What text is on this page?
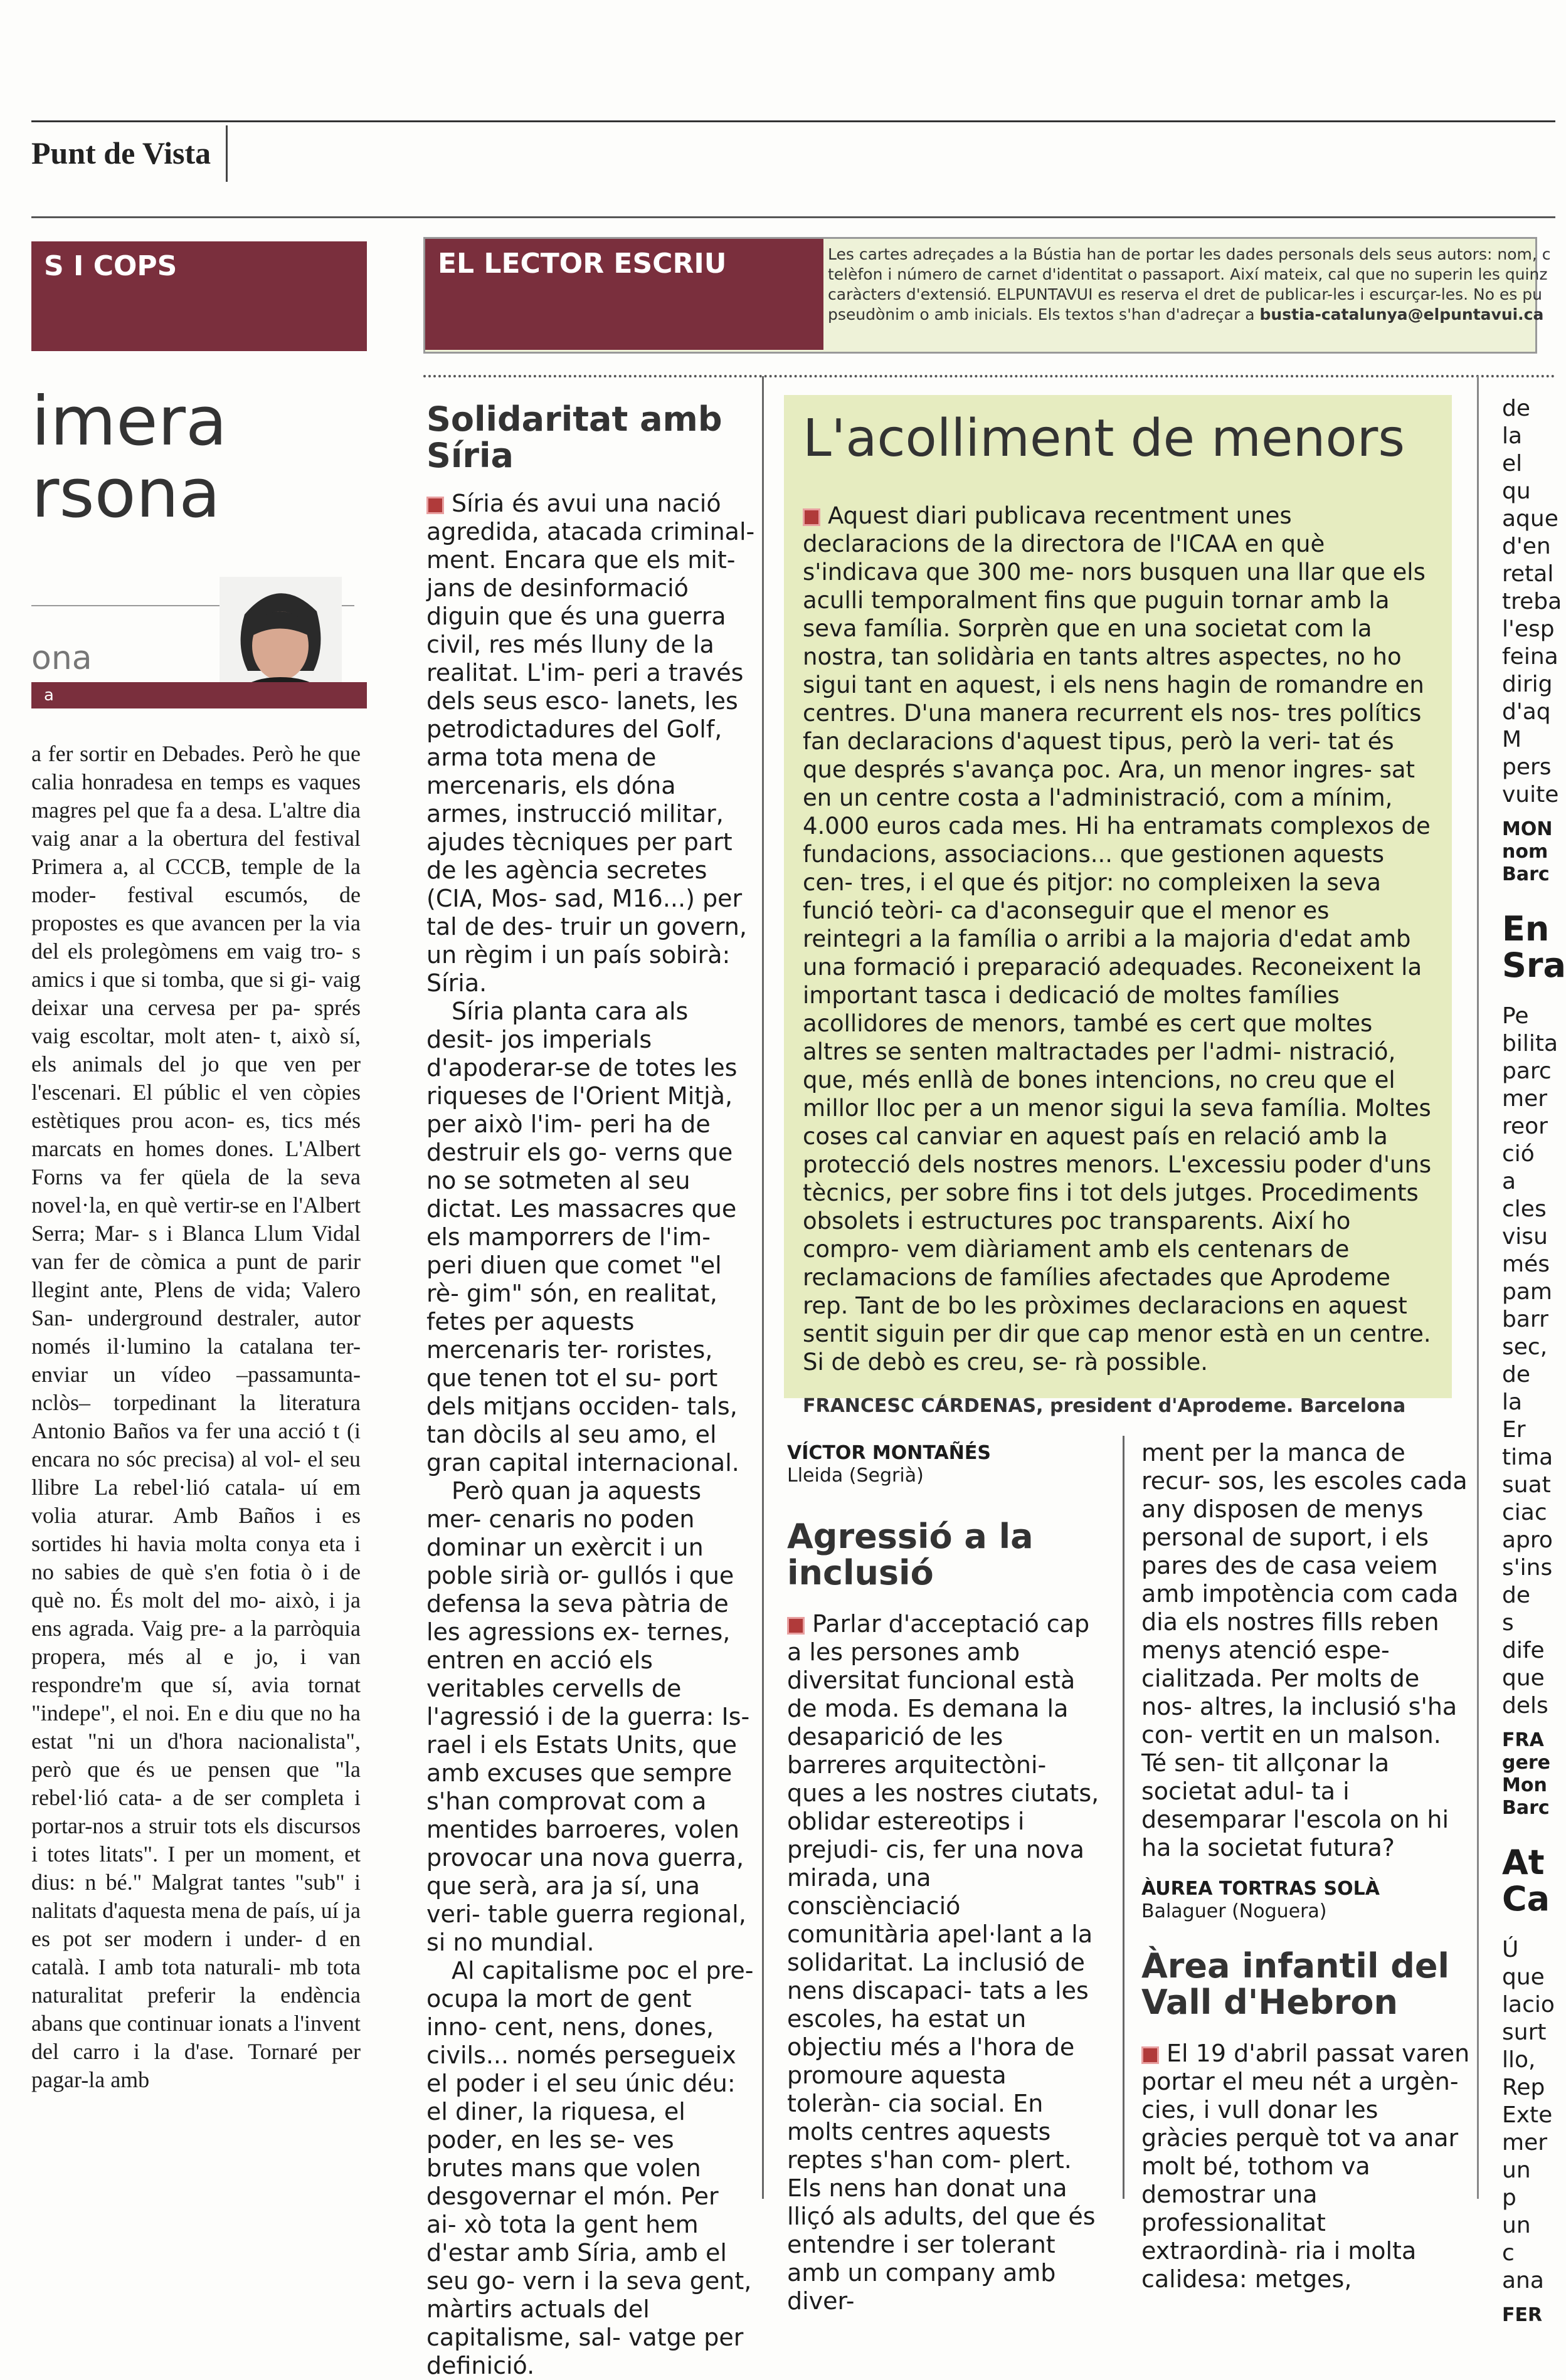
Punt de Vista
S I COPS
imera
rsona
ona
a

a fer sortir en Debades. Però he que calia honradesa en temps es vaques magres pel que fa a desa. L'altre dia vaig anar a la obertura del festival Primera a, al CCCB, temple de la moder- festival escumós, de propostes es que avancen per la via del els prolegòmens em vaig tro- s amics i que si tomba, que si gi- vaig deixar una cervesa per pa- sprés vaig escoltar, molt aten- t, això sí, els animals del jo que ven per l'escenari. El públic el ven còpies estètiques prou acon- es, tics més marcats en homes dones. L'Albert Forns va fer qüela de la seva novel·la, en què vertir-se en l'Albert Serra; Mar- s i Blanca Llum Vidal van fer de còmica a punt de parir llegint ante, Plens de vida; Valero San- underground destraler, autor només il·lumino la catalana ter- enviar un vídeo –passamunta- nclòs– torpedinant la literatura Antonio Baños va fer una acció t (i encara no sóc precisa) al vol- el seu llibre La rebel·lió catala- uí em volia aturar. Amb Baños i es sortides hi havia molta conya eta i no sabies de què s'en fotia ò i de què no. És molt del mo- això, i ja ens agrada. Vaig pre- a la parròquia propera, més al e jo, i van respondre'm que sí, avia tornat "indepe", el noi. En e diu que no ha estat "ni un d'hora nacionalista", però que és ue pensen que "la rebel·lió cata- a de ser completa i portar-nos a struir tots els discursos i totes litats". I per un moment, et dius: n bé." Malgrat tantes "sub" i nalitats d'aquesta mena de país, uí ja es pot ser modern i under- d en català. I amb tota naturali- mb tota naturalitat preferir la endència abans que continuar ionats a l'invent del carro i la d'ase. Tornaré per pagar-la amb

EL LECTOR ESCRIU	Les cartes adreçades a la Bústia han de portar les dades personals dels seus autors: nom, c telèfon i número de carnet d'identitat o passaport. Així mateix, cal que no superin les quinz caràcters d'extensió. ELPUNTAVUI es reserva el dret de publicar-les i escurçar-les. No es pu pseudònim o amb inicials. Els textos s'han d'adreçar a bustia-catalunya@elpuntavui.ca

Solidaritat amb Síria

Síria és avui una nació agredida, atacada criminal- ment. Encara que els mit- jans de desinformació diguin que és una guerra civil, res més lluny de la realitat. L'im- peri a través dels seus esco- lanets, les petrodictadures del Golf, arma tota mena de mercenaris, els dóna armes, instrucció militar, ajudes tècniques per part de les agència secretes (CIA, Mos- sad, M16...) per tal de des- truir un govern, un règim i un país sobirà: Síria.

Síria planta cara als desit- jos imperials d'apoderar-se de totes les riqueses de l'Orient Mitjà, per això l'im- peri ha de destruir els go- verns que no se sotmeten al seu dictat. Les massacres que els mamporrers de l'im- peri diuen que comet "el rè- gim" són, en realitat, fetes per aquests mercenaris ter- roristes, que tenen tot el su- port dels mitjans occiden- tals, tan dòcils al seu amo, el gran capital internacional.

Però quan ja aquests mer- cenaris no poden dominar un exèrcit i un poble sirià or- gullós i que defensa la seva pàtria de les agressions ex- ternes, entren en acció els veritables cervells de l'agressió i de la guerra: Is- rael i els Estats Units, que amb excuses que sempre s'han comprovat com a mentides barroeres, volen provocar una nova guerra, que serà, ara ja sí, una veri- table guerra regional, si no mundial.

Al capitalisme poc el pre- ocupa la mort de gent inno- cent, nens, dones, civils... només persegueix el poder i el seu únic déu: el diner, la riquesa, el poder, en les se- ves brutes mans que volen desgovernar el món. Per ai- xò tota la gent hem d'estar amb Síria, amb el seu go- vern i la seva gent, màrtirs actuals del capitalisme, sal- vatge per definició.

L'acolliment de menors

Aquest diari publicava recentment unes declaracions de la directora de l'ICAA en què s'indicava que 300 me- nors busquen una llar que els aculli temporalment fins que puguin tornar amb la seva família. Sorprèn que en una societat com la nostra, tan solidària en tants altres aspectes, no ho sigui tant en aquest, i els nens hagin de romandre en centres. D'una manera recurrent els nos- tres polítics fan declaracions d'aquest tipus, però la veri- tat és que després s'avança poc. Ara, un menor ingres- sat en un centre costa a l'administració, com a mínim, 4.000 euros cada mes. Hi ha entramats complexos de fundacions, associacions... que gestionen aquests cen- tres, i el que és pitjor: no compleixen la seva funció teòri- ca d'aconseguir que el menor es reintegri a la família o arribi a la majoria d'edat amb una formació i preparació adequades. Reconeixent la important tasca i dedicació de moltes famílies acollidores de menors, també es cert que moltes altres se senten maltractades per l'admi- nistració, que, més enllà de bones intencions, no creu que el millor lloc per a un menor sigui la seva família. Moltes coses cal canviar en aquest país en relació amb la protecció dels nostres menors. L'excessiu poder d'uns tècnics, per sobre fins i tot dels jutges. Procediments obsolets i estructures poc transparents. Així ho compro- vem diàriament amb els centenars de reclamacions de famílies afectades que Aprodeme rep. Tant de bo les pròximes declaracions en aquest sentit siguin per dir que cap menor està en un centre. Si de debò es creu, se- rà possible.

FRANCESC CÁRDENAS, president d'Aprodeme. Barcelona

VÍCTOR MONTAÑÉS

Lleida (Segrià)

Agressió a la inclusió

Parlar d'acceptació cap a les persones amb diversitat funcional està de moda. Es demana la desaparició de les barreres arquitectòni- ques a les nostres ciutats, oblidar estereotips i prejudi- cis, fer una nova mirada, una consciènciació comunitària apel·lant a la solidaritat. La inclusió de nens discapaci- tats a les escoles, ha estat un objectiu més a l'hora de promoure aquesta toleràn- cia social. En molts centres aquests reptes s'han com- plert. Els nens han donat una lliçó als adults, del que és entendre i ser tolerant amb un company amb diver-

ment per la manca de recur- sos, les escoles cada any disposen de menys personal de suport, i els pares des de casa veiem amb impotència com cada dia els nostres fills reben menys atenció espe- cialitzada. Per molts de nos- altres, la inclusió s'ha con- vertit en un malson. Té sen- tit allçonar la societat adul- ta i desemparar l'escola on hi ha la societat futura?

ÀUREA TORTRAS SOLÀ

Balaguer (Noguera)

Àrea infantil del Vall d'Hebron

El 19 d'abril passat varen portar el meu nét a urgèn- cies, i vull donar les gràcies perquè tot va anar molt bé, tothom va demostrar una professionalitat extraordinà- ria i molta calidesa: metges,

de la el qu aque d'en retal treba l'esp feina dirig d'aq M pers vuite

MON nom Barc

En Sra

Pe bilita parc mer reor ció a cles visu més pam barr sec, de la Er tima suat ciac apro s'ins de s dife que dels

FRA gere Mon Barc

At Ca

Ú que lacio surt llo, Rep Exte mer un p un c ana

FER
